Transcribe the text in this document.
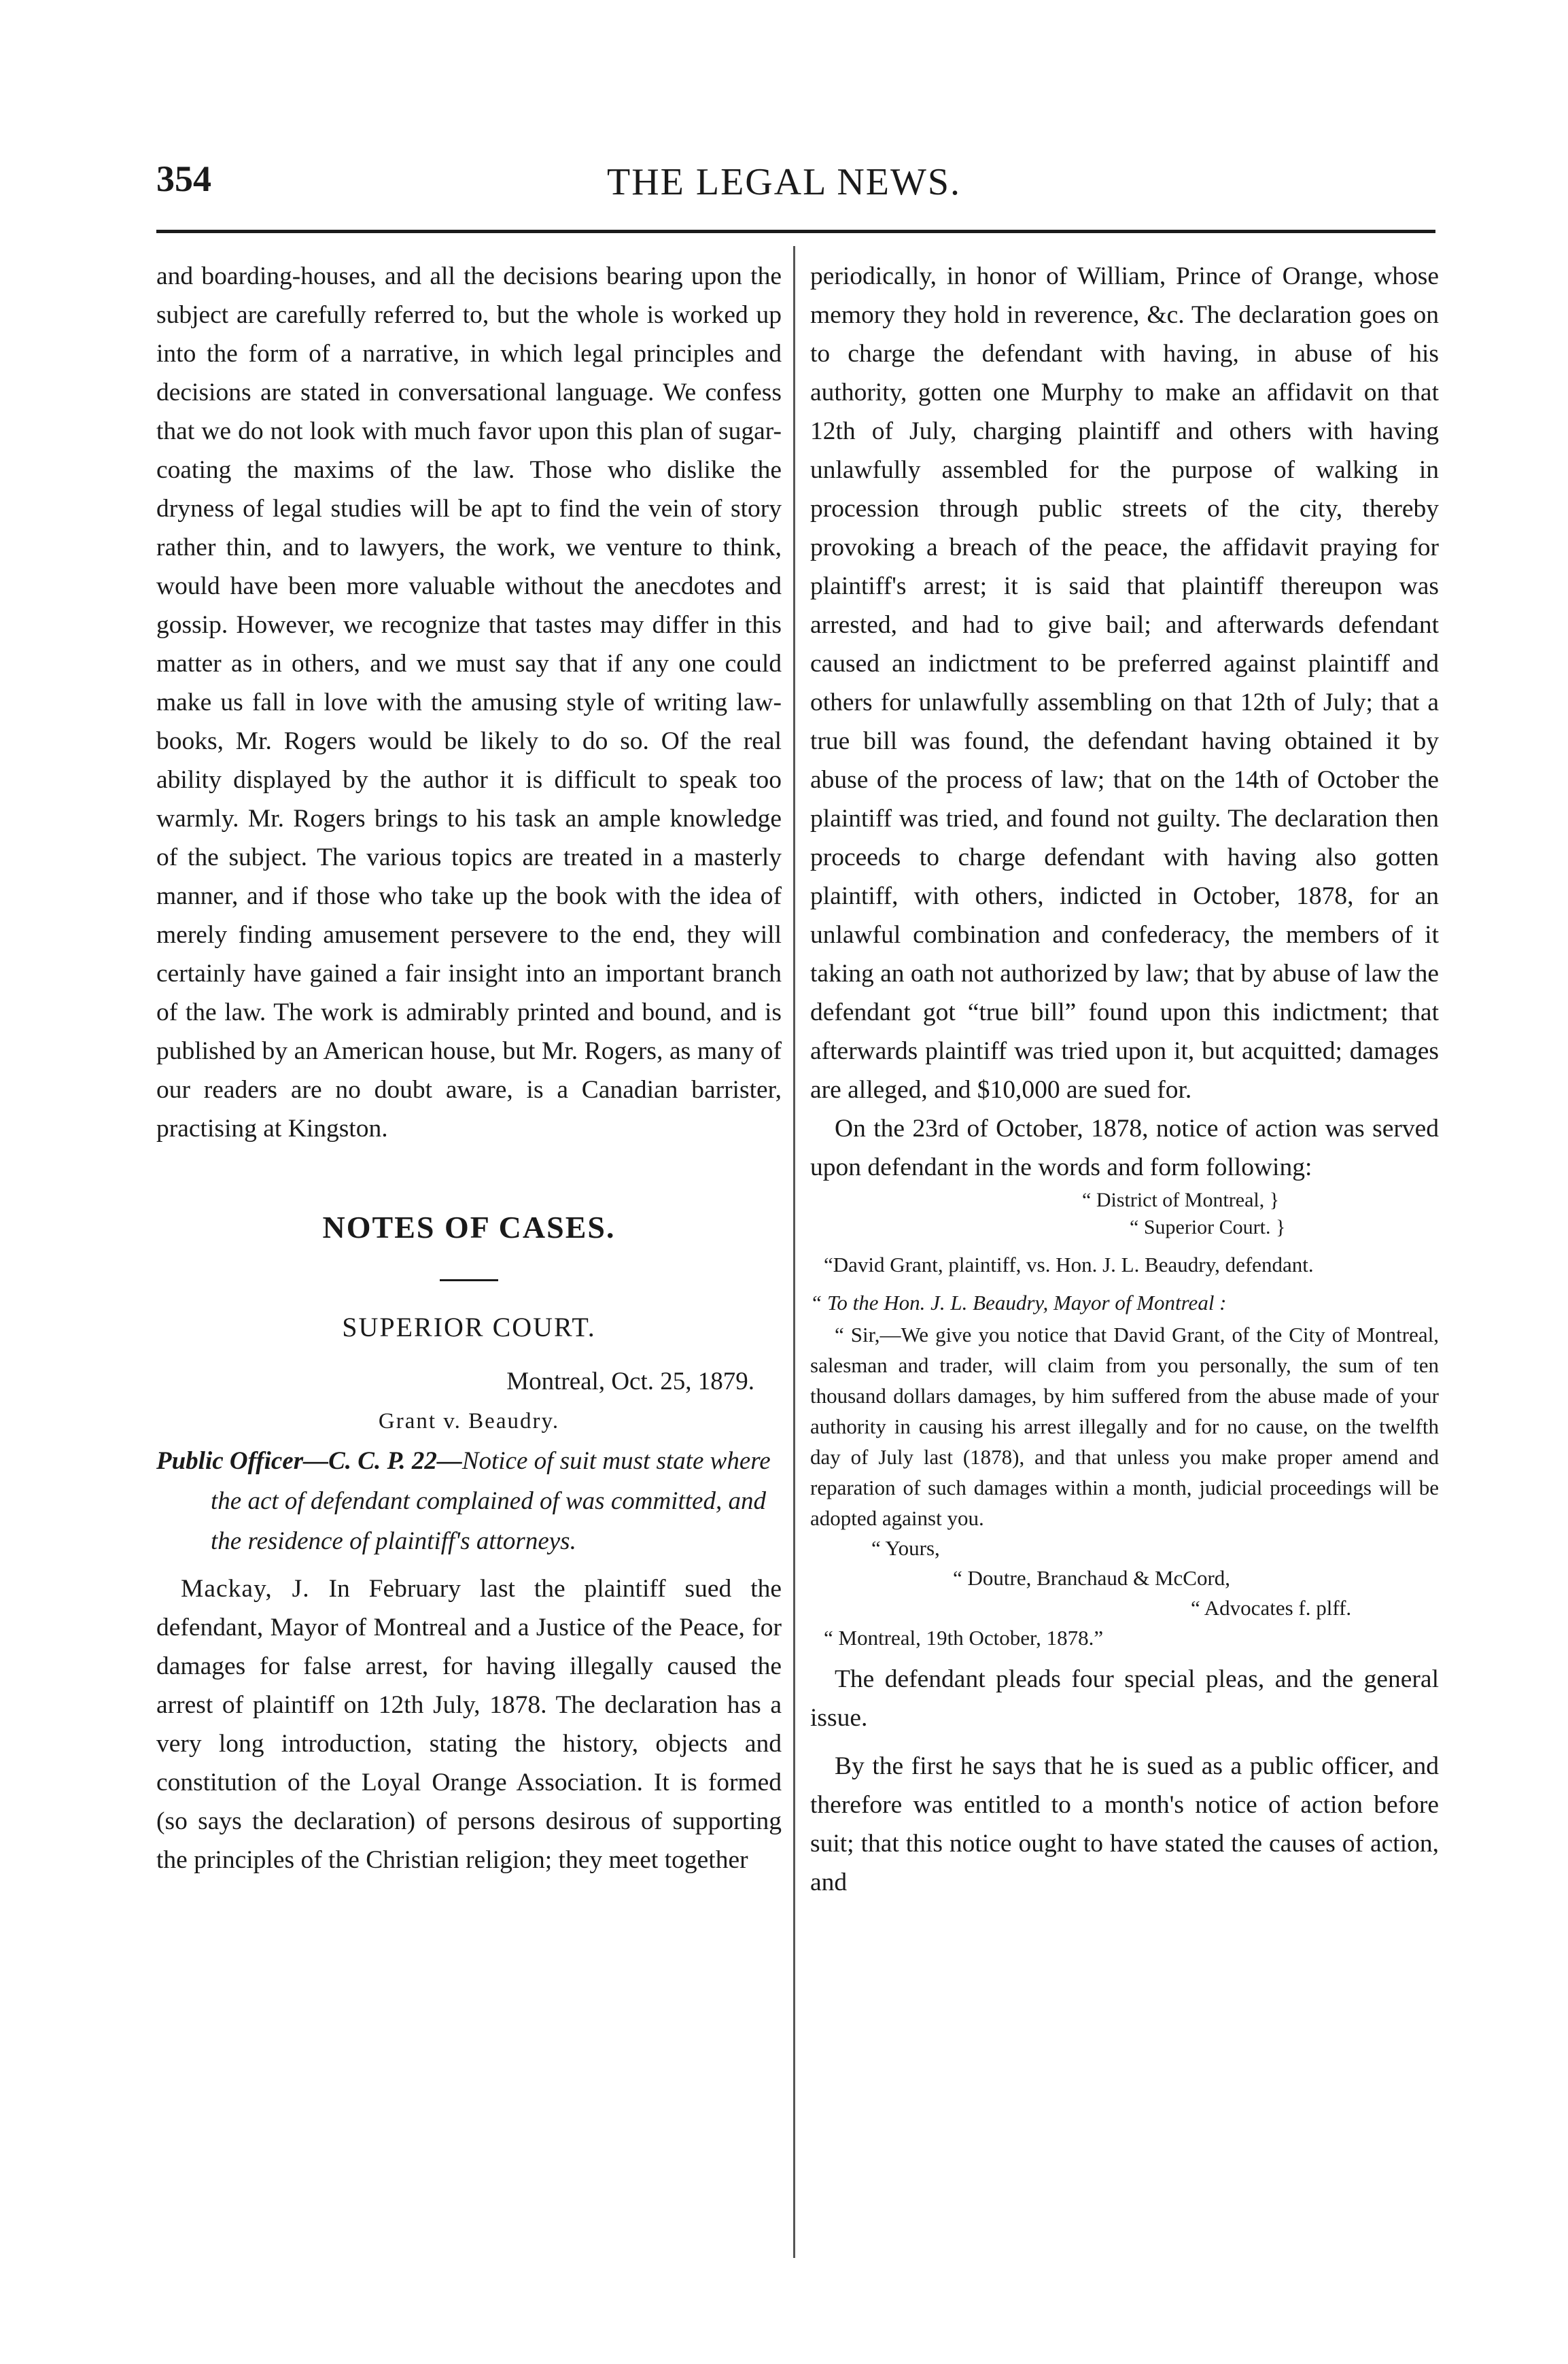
354	THE LEGAL NEWS.

and boarding-houses, and all the decisions bearing upon the subject are carefully referred to, but the whole is worked up into the form of a narrative, in which legal principles and decisions are stated in conversational language. We confess that we do not look with much favor upon this plan of sugar-coating the maxims of the law. Those who dislike the dryness of legal studies will be apt to find the vein of story rather thin, and to lawyers, the work, we venture to think, would have been more valuable without the anecdotes and gossip. However, we recognize that tastes may differ in this matter as in others, and we must say that if any one could make us fall in love with the amusing style of writing law-books, Mr. Rogers would be likely to do so. Of the real ability displayed by the author it is difficult to speak too warmly. Mr. Rogers brings to his task an ample knowledge of the subject. The various topics are treated in a masterly manner, and if those who take up the book with the idea of merely finding amusement persevere to the end, they will certainly have gained a fair insight into an important branch of the law. The work is admirably printed and bound, and is published by an American house, but Mr. Rogers, as many of our readers are no doubt aware, is a Canadian barrister, practising at Kingston.

NOTES OF CASES.
SUPERIOR COURT.
Montreal, Oct. 25, 1879.
Grant v. Beaudry.

Public Officer—C. C. P. 22—Notice of suit must state where the act of defendant complained of was committed, and the residence of plaintiff's attorneys.

Mackay, J. In February last the plaintiff sued the defendant, Mayor of Montreal and a Justice of the Peace, for damages for false arrest, for having illegally caused the arrest of plaintiff on 12th July, 1878. The declaration has a very long introduction, stating the history, objects and constitution of the Loyal Orange Association. It is formed (so says the declaration) of persons desirous of supporting the principles of the Christian religion; they meet together

periodically, in honor of William, Prince of Orange, whose memory they hold in reverence, &c. The declaration goes on to charge the defendant with having, in abuse of his authority, gotten one Murphy to make an affidavit on that 12th of July, charging plaintiff and others with having unlawfully assembled for the purpose of walking in procession through public streets of the city, thereby provoking a breach of the peace, the affidavit praying for plaintiff's arrest; it is said that plaintiff thereupon was arrested, and had to give bail; and afterwards defendant caused an indictment to be preferred against plaintiff and others for unlawfully assembling on that 12th of July; that a true bill was found, the defendant having obtained it by abuse of the process of law; that on the 14th of October the plaintiff was tried, and found not guilty. The declaration then proceeds to charge defendant with having also gotten plaintiff, with others, indicted in October, 1878, for an unlawful combination and confederacy, the members of it taking an oath not authorized by law; that by abuse of law the defendant got “true bill” found upon this indictment; that afterwards plaintiff was tried upon it, but acquitted; damages are alleged, and $10,000 are sued for.

On the 23rd of October, 1878, notice of action was served upon defendant in the words and form following:

“ District of Montreal, }
“ Superior Court. }

“David Grant, plaintiff, vs. Hon. J. L. Beaudry, defendant.

“ To the Hon. J. L. Beaudry, Mayor of Montreal :

“ Sir,—We give you notice that David Grant, of the City of Montreal, salesman and trader, will claim from you personally, the sum of ten thousand dollars damages, by him suffered from the abuse made of your authority in causing his arrest illegally and for no cause, on the twelfth day of July last (1878), and that unless you make proper amend and reparation of such damages within a month, judicial proceedings will be adopted against you.

“ Yours,
“ Doutre, Branchaud & McCord,
“ Advocates f. plff.
“ Montreal, 19th October, 1878.”

The defendant pleads four special pleas, and the general issue.

By the first he says that he is sued as a public officer, and therefore was entitled to a month's notice of action before suit; that this notice ought to have stated the causes of action, and
